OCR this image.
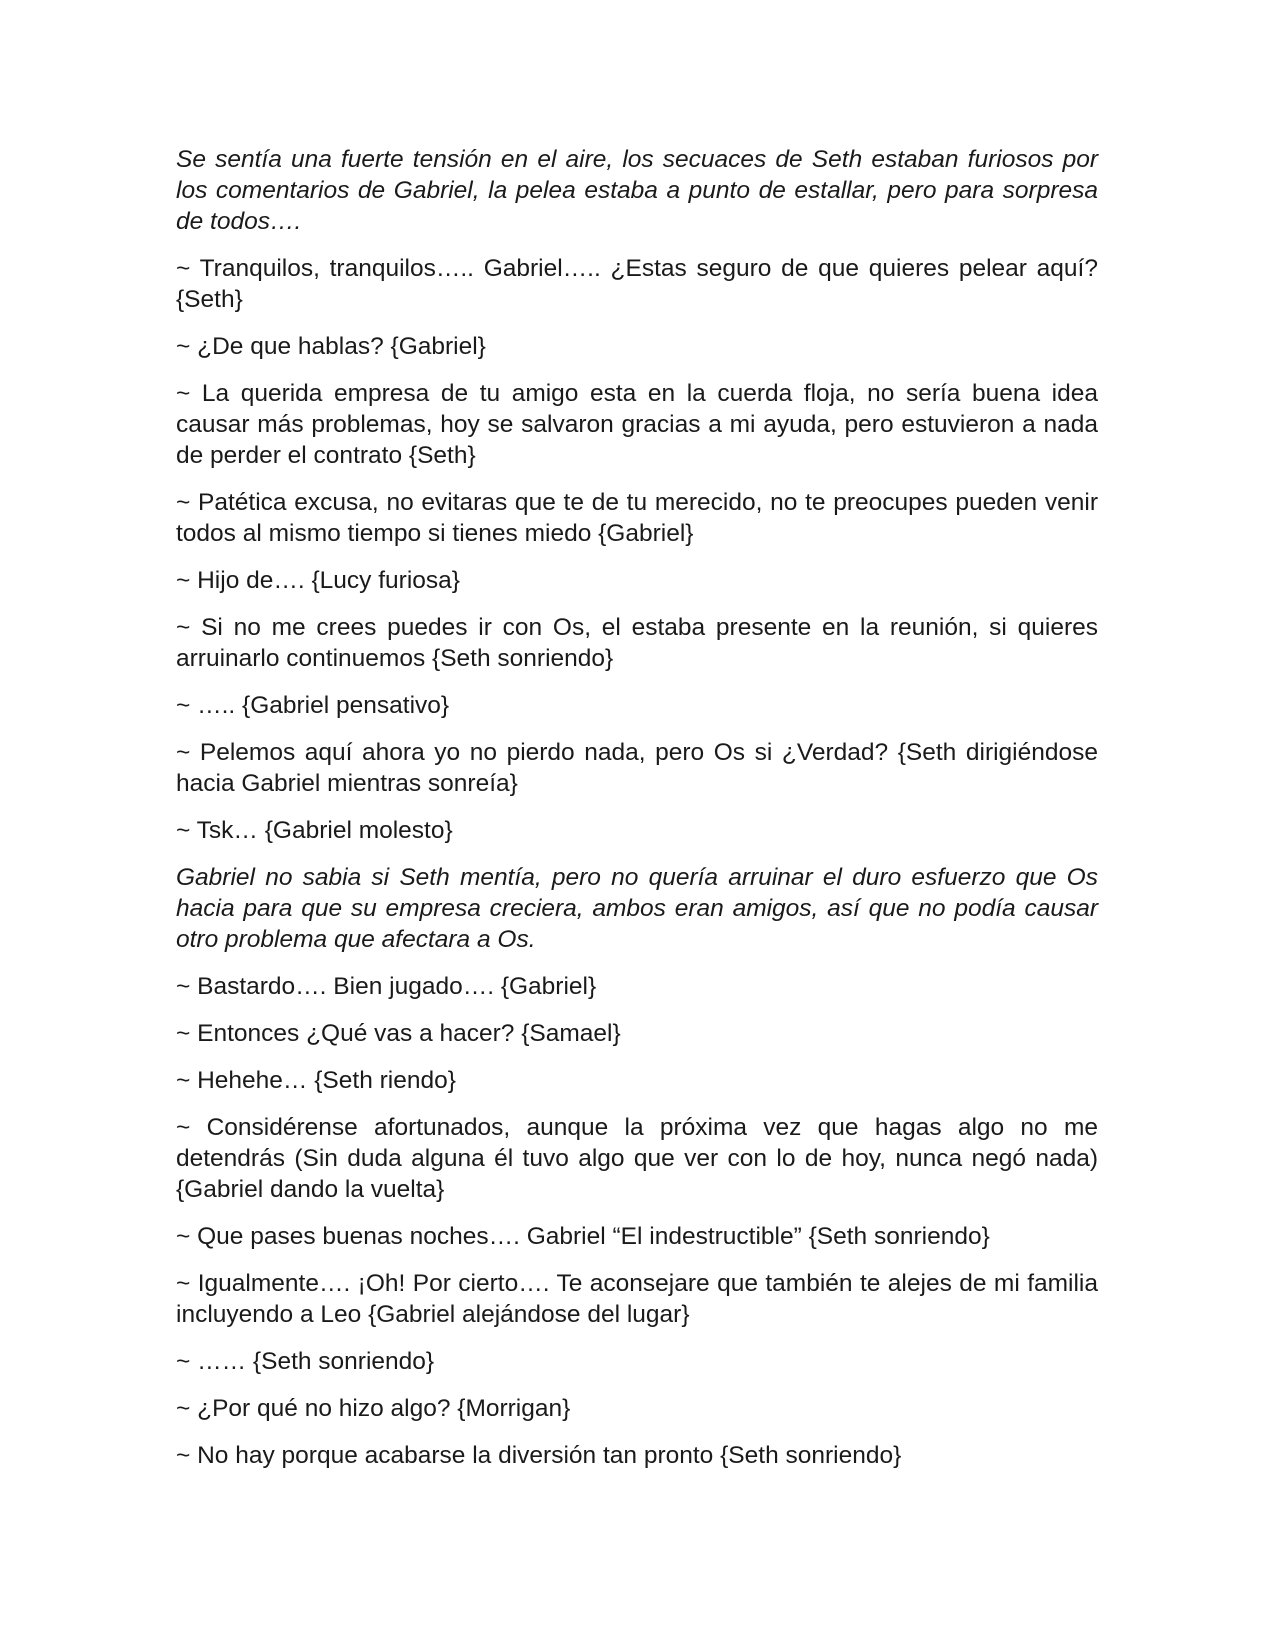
Se sentía una fuerte tensión en el aire, los secuaces de Seth estaban furiosos por los comentarios de Gabriel, la pelea estaba a punto de estallar, pero para sorpresa de todos….

~ Tranquilos, tranquilos….. Gabriel….. ¿Estas seguro de que quieres pelear aquí? {Seth}

~ ¿De que hablas? {Gabriel}

~ La querida empresa de tu amigo esta en la cuerda floja, no sería buena idea causar más problemas, hoy se salvaron gracias a mi ayuda, pero estuvieron a nada de perder el contrato {Seth}

~ Patética excusa, no evitaras que te de tu merecido, no te preocupes pueden venir todos al mismo tiempo si tienes miedo {Gabriel}

~ Hijo de…. {Lucy furiosa}

~ Si no me crees puedes ir con Os, el estaba presente en la reunión, si quieres arruinarlo continuemos {Seth sonriendo}

~ ….. {Gabriel pensativo}

~ Pelemos aquí ahora yo no pierdo nada, pero Os si ¿Verdad? {Seth dirigiéndose hacia Gabriel mientras sonreía}

~ Tsk… {Gabriel molesto}

Gabriel no sabia si Seth mentía, pero no quería arruinar el duro esfuerzo que Os hacia para que su empresa creciera, ambos eran amigos, así que no podía causar otro problema que afectara a Os.

~ Bastardo…. Bien jugado…. {Gabriel}

~ Entonces ¿Qué vas a hacer? {Samael}

~ Hehehe… {Seth riendo}

~ Considérense afortunados, aunque la próxima vez que hagas algo no me detendrás (Sin duda alguna él tuvo algo que ver con lo de hoy, nunca negó nada) {Gabriel dando la vuelta}

~ Que pases buenas noches…. Gabriel “El indestructible” {Seth sonriendo}

~ Igualmente…. ¡Oh! Por cierto…. Te aconsejare que también te alejes de mi familia incluyendo a Leo {Gabriel alejándose del lugar}

~ …… {Seth sonriendo}

~ ¿Por qué no hizo algo? {Morrigan}

~ No hay porque acabarse la diversión tan pronto {Seth sonriendo}
